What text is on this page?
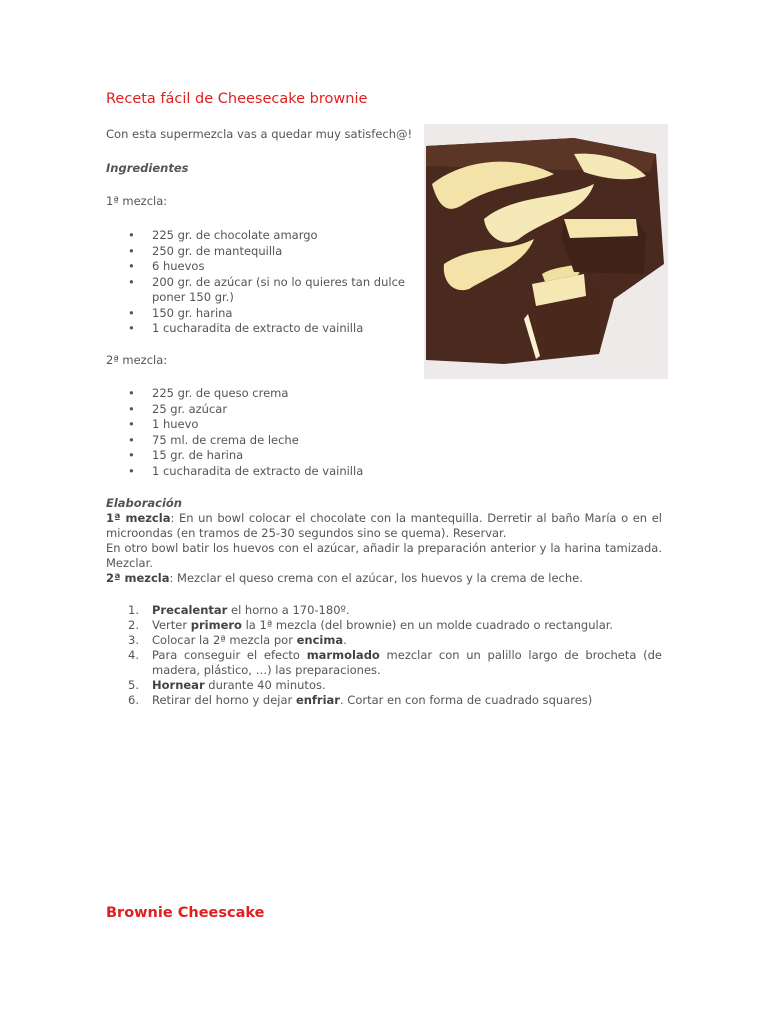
Receta fácil de Cheesecake brownie

Con esta supermezcla vas a quedar muy satisfech@!

Ingredientes

1ª mezcla:

• 225 gr. de chocolate amargo
• 250 gr. de mantequilla
• 6 huevos
• 200 gr. de azúcar (si no lo quieres tan dulce poner 150 gr.)
• 150 gr. harina
• 1 cucharadita de extracto de vainilla

2ª mezcla:

• 225 gr. de queso crema
• 25 gr. azúcar
• 1 huevo
• 75 ml. de crema de leche
• 15 gr. de harina
• 1 cucharadita de extracto de vainilla
Elaboración
1ª mezcla: En un bowl colocar el chocolate con la mantequilla. Derretir al baño María o en el microondas (en tramos de 25-30 segundos sino se quema). Reservar.
En otro bowl batir los huevos con el azúcar, añadir la preparación anterior y la harina tamizada. Mezclar.
2ª mezcla: Mezclar el queso crema con el azúcar, los huevos y la crema de leche.
1. Precalentar el horno a 170-180º.
2. Verter primero la 1ª mezcla (del brownie) en un molde cuadrado o rectangular.
3. Colocar la 2ª mezcla por encima.
4. Para conseguir el efecto marmolado mezclar con un palillo largo de brocheta (de madera, plástico, …) las preparaciones.
5. Hornear durante 40 minutos.
6. Retirar del horno y dejar enfriar. Cortar en con forma de cuadrado squares)
Brownie Cheescake
